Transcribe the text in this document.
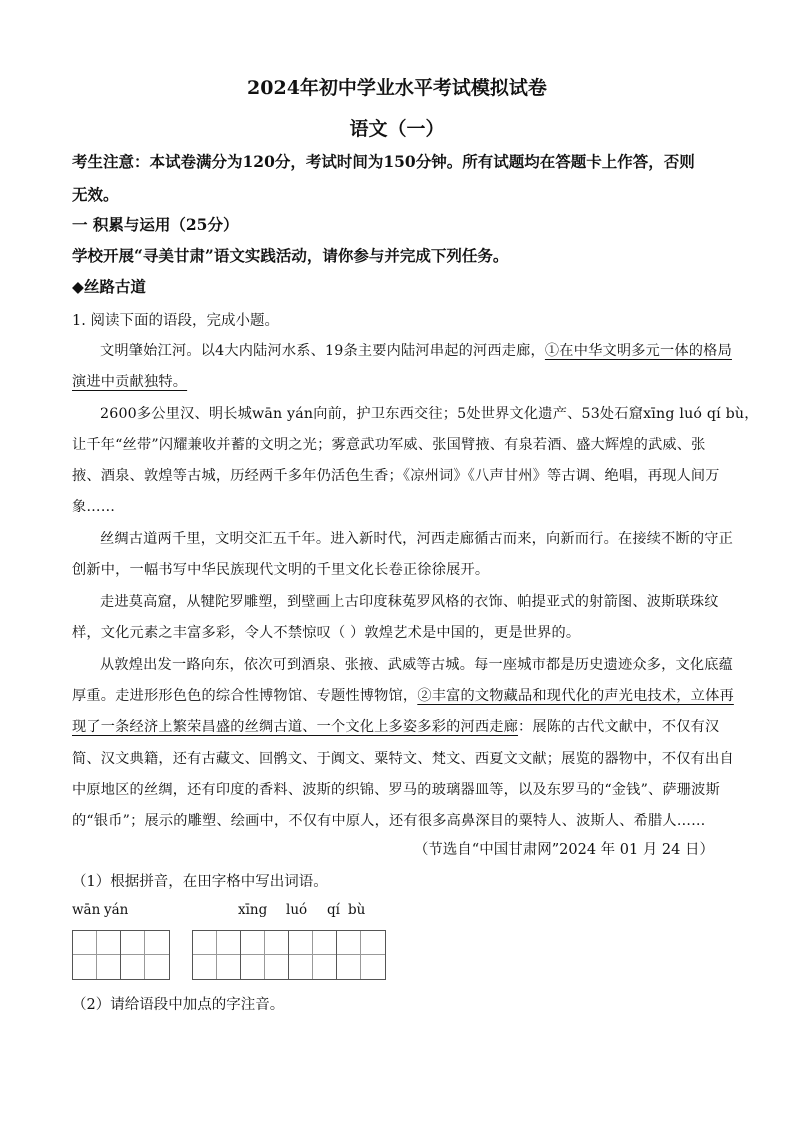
2024年初中学业水平考试模拟试卷
语文（一）
考生注意：本试卷满分为120分，考试时间为150分钟。所有试题均在答题卡上作答，否则
无效。
一 积累与运用（25分）
学校开展“寻美甘肃”语文实践活动，请你参与并完成下列任务。
◆丝路古道
1. 阅读下面的语段，完成小题。
文明肇始江河。以4大内陆河水系、19条主要内陆河串起的河西走廊，①在中华文明多元一体的格局
演进中贡献独特。
2600多公里汉、明长城wān yán向前，护卫东西交往；5处世界文化遗产、53处石窟xīng luó qí bù，
让千年“丝带”闪耀兼收并蓄的文明之光；雾意武功军威、张国臂掖、有泉若酒、盛大辉煌的武威、张
掖、酒泉、敦煌等古城，历经两千多年仍活色生香；《凉州词》《八声甘州》等古调、绝唱，再现人间万
象……
丝绸古道两千里，文明交汇五千年。进入新时代，河西走廊循古而来，向新而行。在接续不断的守正
创新中，一幅书写中华民族现代文明的千里文化长卷正徐徐展开。
走进莫高窟，从犍陀罗雕塑，到壁画上古印度秣菟罗风格的衣饰、帕提亚式的射箭图、波斯联珠纹
样，文化元素之丰富多彩，令人不禁惊叹（ ）敦煌艺术是中国的，更是世界的。
从敦煌出发一路向东，依次可到酒泉、张掖、武威等古城。每一座城市都是历史遗迹众多，文化底蕴
厚重。走进形形色色的综合性博物馆、专题性博物馆，②丰富的文物藏品和现代化的声光电技术，立体再
现了一条经济上繁荣昌盛的丝绸古道、一个文化上多姿多彩的河西走廊：展陈的古代文献中，不仅有汉
简、汉文典籍，还有古藏文、回鹘文、于阗文、粟特文、梵文、西夏文文献；展览的器物中，不仅有出自
中原地区的丝绸，还有印度的香料、波斯的织锦、罗马的玻璃器皿等，以及东罗马的“金钱”、萨珊波斯
的“银币”；展示的雕塑、绘画中，不仅有中原人，还有很多高鼻深目的粟特人、波斯人、希腊人……
（节选自“中国甘肃网”2024 年 01 月 24 日）
（1）根据拼音，在田字格中写出词语。
wān yán	xīng luó qí bù
（2）请给语段中加点的字注音。
